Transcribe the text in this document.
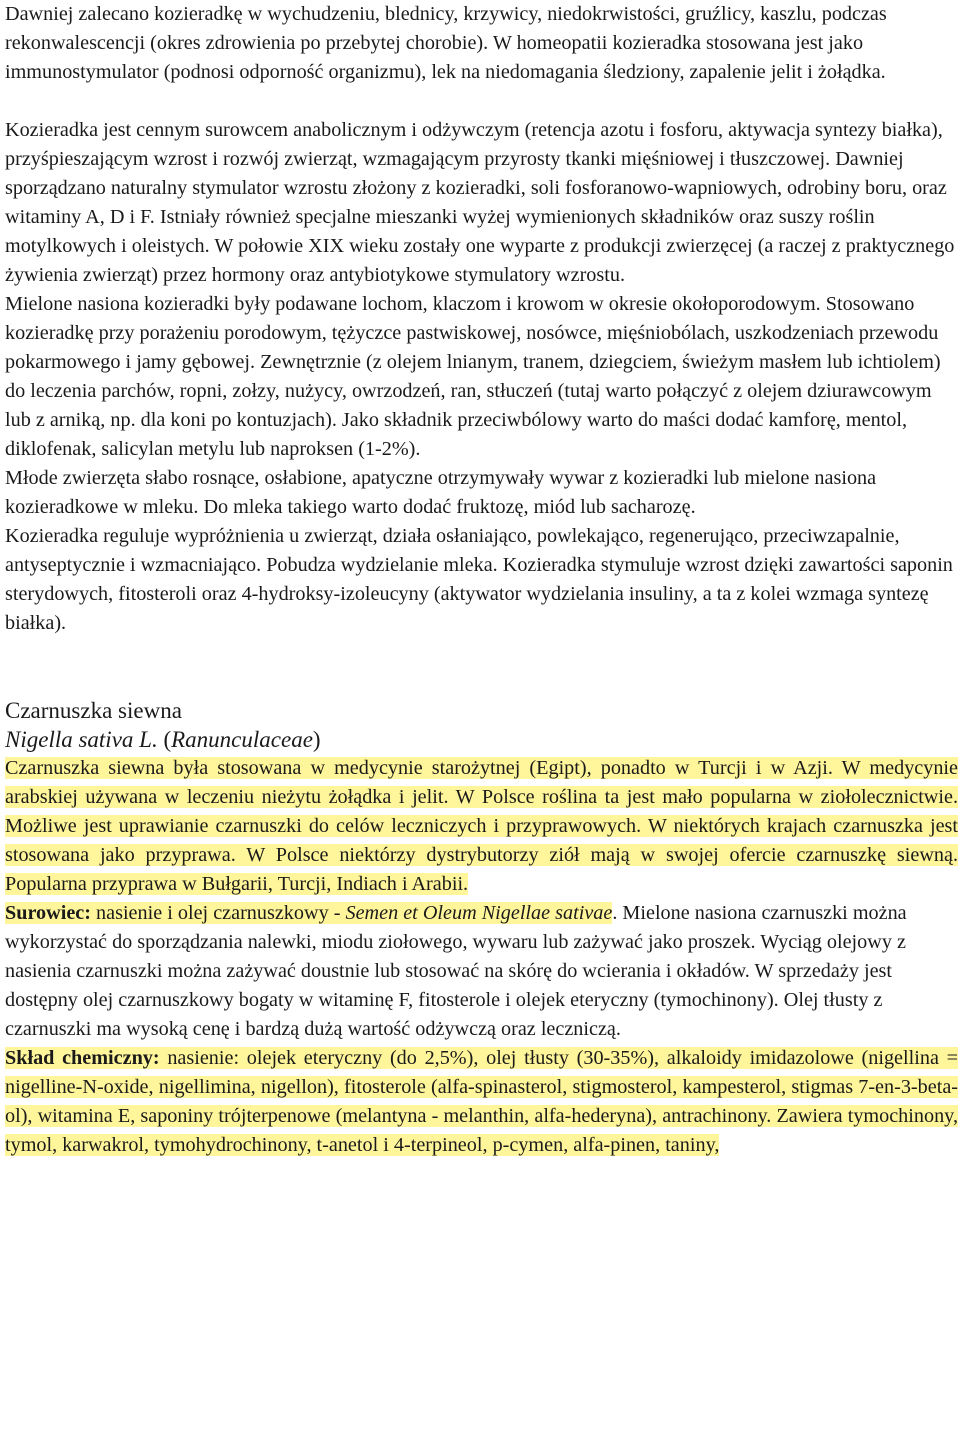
Dawniej zalecano kozieradkę w wychudzeniu, blednicy, krzywicy, niedokrwistości, gruźlicy, kaszlu, podczas rekonwalescencji (okres zdrowienia po przebytej chorobie). W homeopatii kozieradka stosowana jest jako immunostymulator (podnosi odporność organizmu), lek na niedomagania śledziony, zapalenie jelit i żołądka.

Kozieradka jest cennym surowcem anabolicznym i odżywczym (retencja azotu i fosforu, aktywacja syntezy białka), przyśpieszającym wzrost i rozwój zwierząt, wzmagającym przyrosty tkanki mięśniowej i tłuszczowej. Dawniej sporządzano naturalny stymulator wzrostu złożony z kozieradki, soli fosforanowo-wapniowych, odrobiny boru, oraz witaminy A, D i F. Istniały również specjalne mieszanki wyżej wymienionych składników oraz suszy roślin motylkowych i oleistych. W połowie XIX wieku zostały one wyparte z produkcji zwierzęcej (a raczej z praktycznego żywienia zwierząt) przez hormony oraz antybiotykowe stymulatory wzrostu.

Mielone nasiona kozieradki były podawane lochom, klaczom i krowom w okresie okołoporodowym. Stosowano kozieradkę przy porażeniu porodowym, tężyczce pastwiskowej, nosówce, mięśniobólach, uszkodzeniach przewodu pokarmowego i jamy gębowej. Zewnętrznie (z olejem lnianym, tranem, dziegciem, świeżym masłem lub ichtiolem) do leczenia parchów, ropni, zołzy, nużycy, owrzodzeń, ran, stłuczeń (tutaj warto połączyć z olejem dziurawcowym lub z arniką, np. dla koni po kontuzjach). Jako składnik przeciwbólowy warto do maści dodać kamforę, mentol, diklofenak, salicylan metylu lub naproksen (1-2%).

Młode zwierzęta słabo rosnące, osłabione, apatyczne otrzymywały wywar z kozieradki lub mielone nasiona kozieradkowe w mleku. Do mleka takiego warto dodać fruktozę, miód lub sacharozę.

Kozieradka reguluje wypróżnienia u zwierząt, działa osłaniająco, powlekająco, regenerująco, przeciwzapalnie, antyseptycznie i wzmacniająco. Pobudza wydzielanie mleka. Kozieradka stymuluje wzrost dzięki zawartości saponin sterydowych, fitosteroli oraz 4-hydroksy-izoleucyny (aktywator wydzielania insuliny, a ta z kolei wzmaga syntezę białka).

Czarnuszka siewna
Nigella sativa L. (Ranunculaceae)

Czarnuszka siewna była stosowana w medycynie starożytnej (Egipt), ponadto w Turcji i w Azji. W medycynie arabskiej używana w leczeniu nieżytu żołądka i jelit. W Polsce roślina ta jest mało popularna w ziołolecznictwie. Możliwe jest uprawianie czarnuszki do celów leczniczych i przyprawowych. W niektórych krajach czarnuszka jest stosowana jako przyprawa. W Polsce niektórzy dystrybutorzy ziół mają w swojej ofercie czarnuszkę siewną. Popularna przyprawa w Bułgarii, Turcji, Indiach i Arabii.

Surowiec: nasienie i olej czarnuszkowy - Semen et Oleum Nigellae sativae. Mielone nasiona czarnuszki można wykorzystać do sporządzania nalewki, miodu ziołowego, wywaru lub zażywać jako proszek. Wyciąg olejowy z nasienia czarnuszki można zażywać doustnie lub stosować na skórę do wcierania i okładów. W sprzedaży jest dostępny olej czarnuszkowy bogaty w witaminę F, fitosterole i olejek eteryczny (tymochinony). Olej tłusty z czarnuszki ma wysoką cenę i bardzą dużą wartość odżywczą oraz leczniczą.

Skład chemiczny: nasienie: olejek eteryczny (do 2,5%), olej tłusty (30-35%), alkaloidy imidazolowe (nigellina = nigelline-N-oxide, nigellimina, nigellon), fitosterole (alfa-spinasterol, stigmosterol, kampesterol, stigmas 7-en-3-beta-ol), witamina E, saponiny trójterpenowe (melantyna - melanthin, alfa-hederyna), antrachinony. Zawiera tymochinony, tymol, karwakrol, tymohydrochinony, t-anetol i 4-terpineol, p-cymen, alfa-pinen, taniny,
